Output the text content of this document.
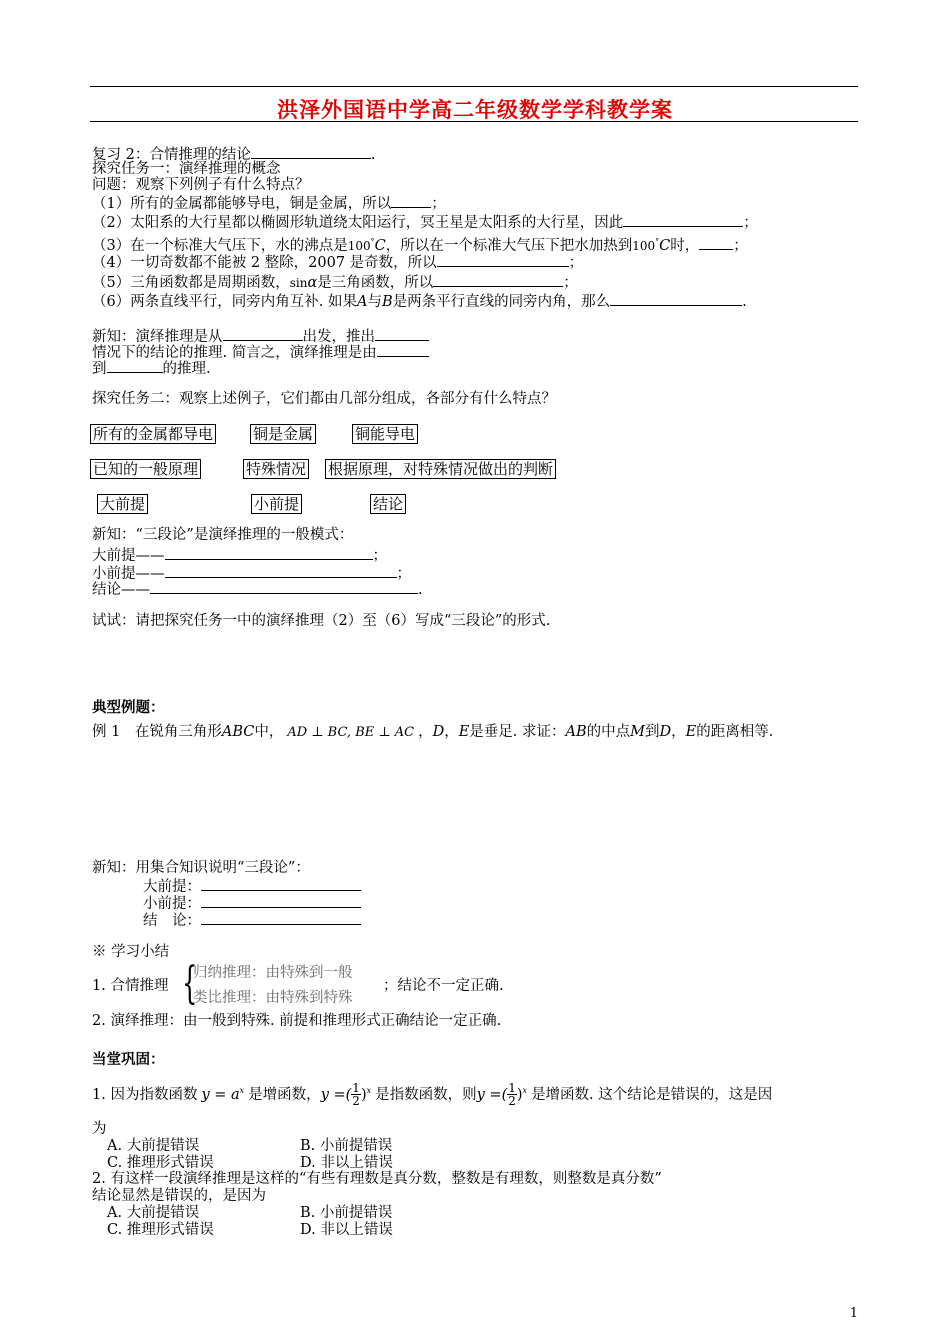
洪泽外国语中学高二年级数学学科教学案
复习 2：合情推理的结论	.
探究任务一：演绎推理的概念
问题：观察下列例子有什么特点？
（1）所有的金属都能够导电，铜是金属，所以	；
（2）太阳系的大行星都以椭圆形轨道绕太阳运行，冥王星是太阳系的大行星，因此	；
（3）在一个标准大气压下，水的沸点是100°C，所以在一个标准大气压下把水加热到100°C时， ；
（4）一切奇数都不能被 2 整除，2007 是奇数，所以	；
（5）三角函数都是周期函数，sinα是三角函数，所以	；
（6）两条直线平行，同旁内角互补. 如果A与B是两条平行直线的同旁内角，那么	.
新知：演绎推理是从	出发，推出
情况下的结论的推理. 简言之，演绎推理是由
到	的推理.
探究任务二：观察上述例子，它们都由几部分组成，各部分有什么特点？
所有的金属都导电	铜是金属	铜能导电
已知的一般原理	特殊情况 根据原理，对特殊情况做出的判断
大前提	小前提	结论
新知：“三段论”是演绎推理的一般模式：
大前提——	；
小前提——	；
结论——	.
试试：请把探究任务一中的演绎推理（2）至（6）写成“三段论”的形式.
典型例题：
例 1　在锐角三角形ABC中， AD ⊥ BC, BE ⊥ AC ，D，E是垂足. 求证：AB的中点M到D，E的距离相等.
新知：用集合知识说明“三段论”：
大前提：
小前提：
结　论：
※ 学习小结
1. 合情推理 {
归纳推理：由特殊到一般
类比推理：由特殊到特殊
；结论不一定正确.
2. 演绎推理：由一般到特殊. 前提和推理形式正确结论一定正确.
当堂巩固：
1. 因为指数函数 $y = a^x$ 是增函数，y =( $\frac{1}{2} )^x$ 是指数函数，则y =( $\frac{1}{2} )^x$ 是增函数. 这个结论是错误的，这是因
为
A. 大前提错误	B. 小前提错误
C. 推理形式错误	D. 非以上错误
2. 有这样一段演绎推理是这样的“有些有理数是真分数，整数是有理数，则整数是真分数”
结论显然是错误的，是因为
A. 大前提错误	B. 小前提错误
C. 推理形式错误	D. 非以上错误
1
